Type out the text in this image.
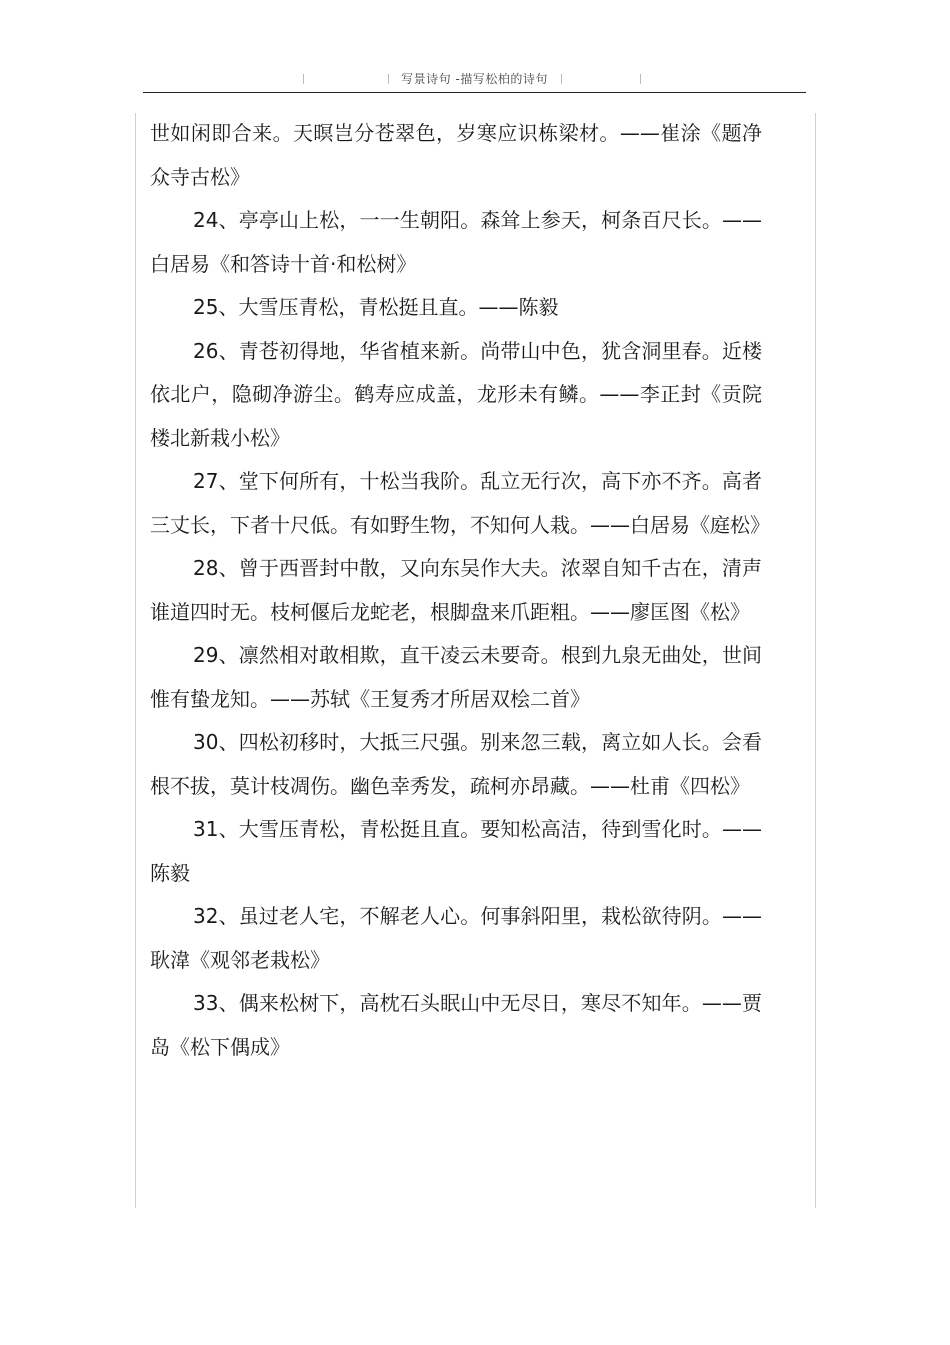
写景诗句 -描写松柏的诗句

世如闲即合来。天暝岂分苍翠色，岁寒应识栋梁材。——崔涂《题净众寺古松》

24、亭亭山上松，一一生朝阳。森耸上参天，柯条百尺长。——白居易《和答诗十首·和松树》

25、大雪压青松，青松挺且直。——陈毅

26、青苍初得地，华省植来新。尚带山中色，犹含洞里春。近楼依北户，隐砌净游尘。鹤寿应成盖，龙形未有鳞。——李正封《贡院楼北新栽小松》

27、堂下何所有，十松当我阶。乱立无行次，高下亦不齐。高者三丈长，下者十尺低。有如野生物，不知何人栽。——白居易《庭松》

28、曾于西晋封中散，又向东吴作大夫。浓翠自知千古在，清声谁道四时无。枝柯偃后龙蛇老，根脚盘来爪距粗。——廖匡图《松》

29、凛然相对敢相欺，直干凌云未要奇。根到九泉无曲处，世间惟有蛰龙知。——苏轼《王复秀才所居双桧二首》

30、四松初移时，大抵三尺强。别来忽三载，离立如人长。会看根不拔，莫计枝凋伤。幽色幸秀发，疏柯亦昂藏。——杜甫《四松》

31、大雪压青松，青松挺且直。要知松高洁，待到雪化时。——陈毅

32、虽过老人宅，不解老人心。何事斜阳里，栽松欲待阴。——耿湋《观邻老栽松》

33、偶来松树下，高枕石头眠山中无尽日，寒尽不知年。——贾岛《松下偶成》
